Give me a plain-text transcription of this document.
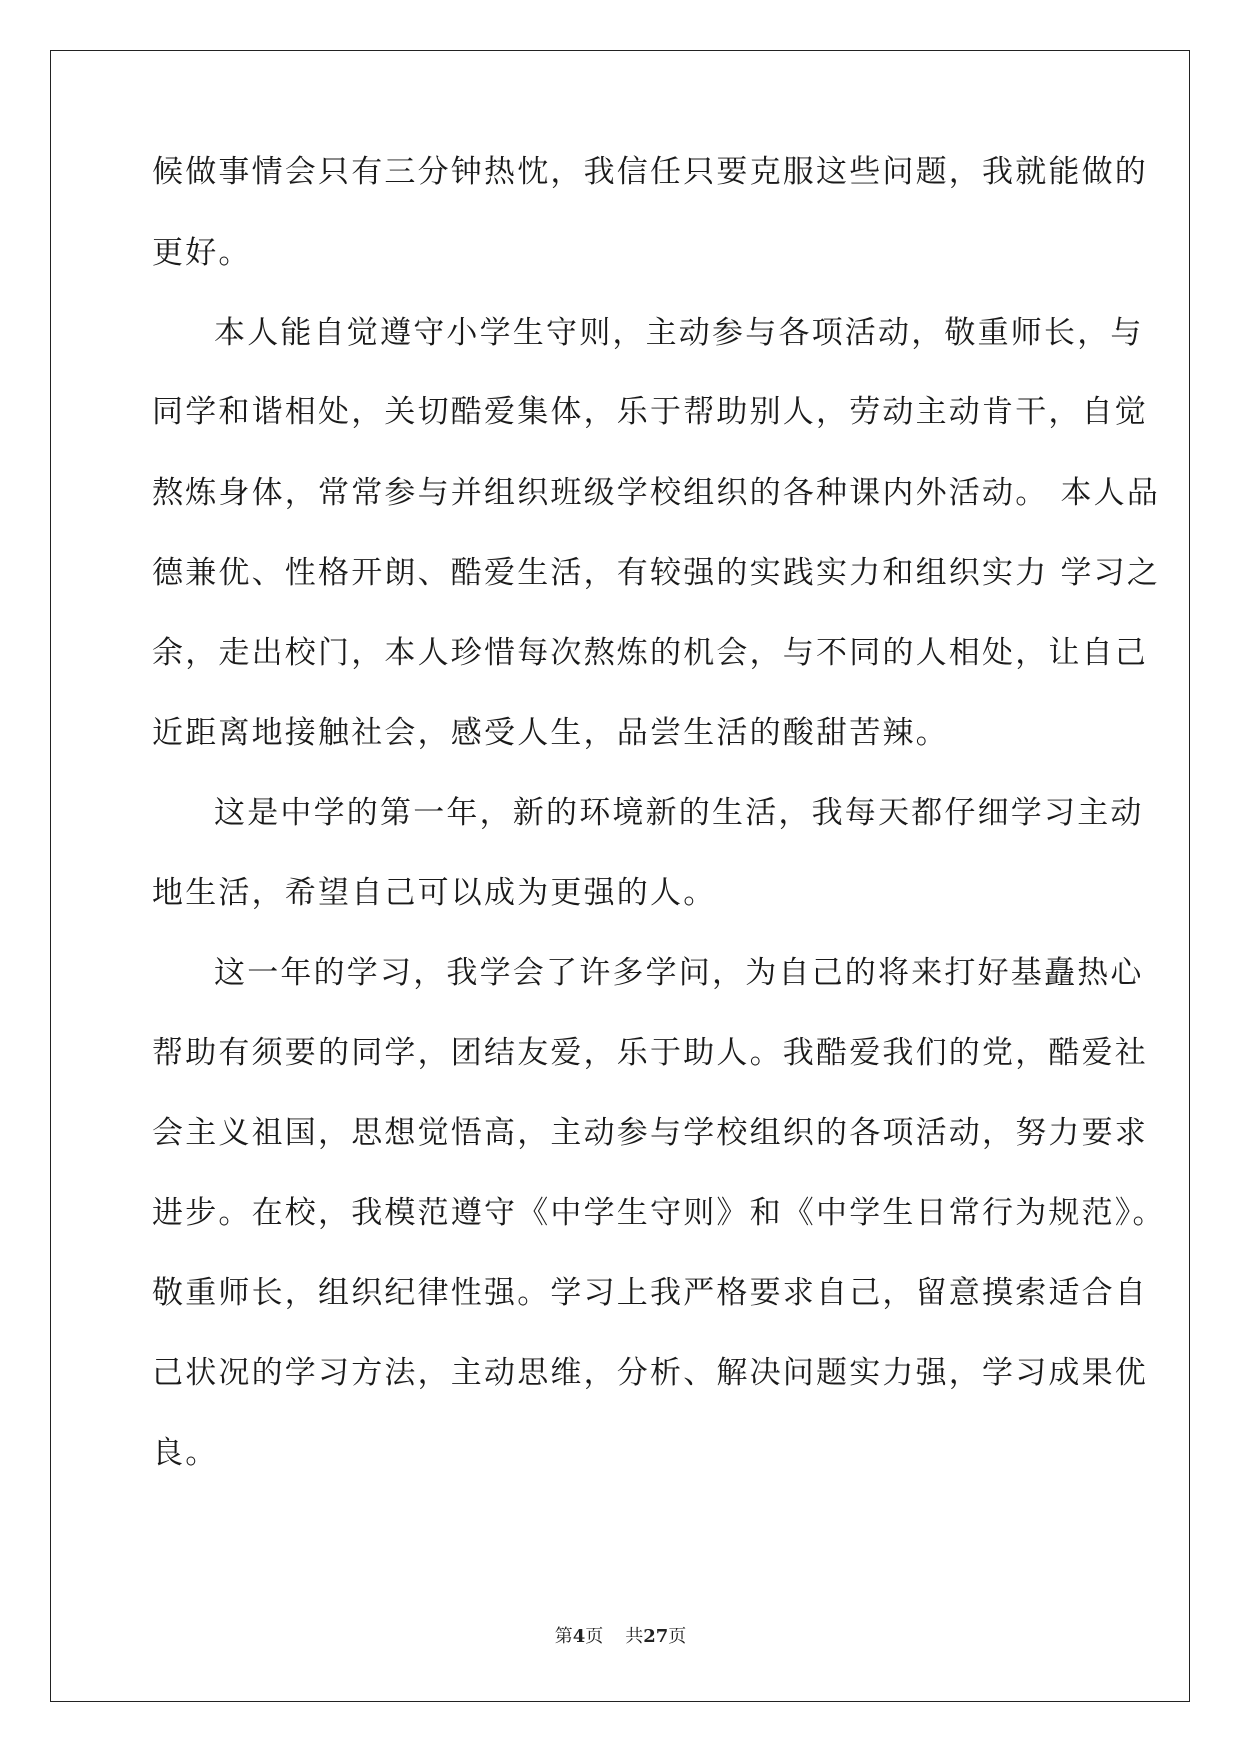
候做事情会只有三分钟热忱，我信任只要克服这些问题，我就能做的
更好。
本人能自觉遵守小学生守则，主动参与各项活动，敬重师长，与
同学和谐相处，关切酷爱集体，乐于帮助别人，劳动主动肯干，自觉
熬炼身体，常常参与并组织班级学校组织的各种课内外活动。 本人品
德兼优、性格开朗、酷爱生活，有较强的实践实力和组织实力 学习之
余，走出校门，本人珍惜每次熬炼的机会，与不同的人相处，让自己
近距离地接触社会，感受人生，品尝生活的酸甜苦辣。
这是中学的第一年，新的环境新的生活，我每天都仔细学习主动
地生活，希望自己可以成为更强的人。
这一年的学习，我学会了许多学问，为自己的将来打好基矗热心
帮助有须要的同学，团结友爱，乐于助人。我酷爱我们的党，酷爱社
会主义祖国，思想觉悟高，主动参与学校组织的各项活动，努力要求
进步。在校，我模范遵守《中学生守则》和《中学生日常行为规范》。
敬重师长，组织纪律性强。学习上我严格要求自己，留意摸索适合自
己状况的学习方法，主动思维，分析、解决问题实力强，学习成果优
良。
第4页 共27页
